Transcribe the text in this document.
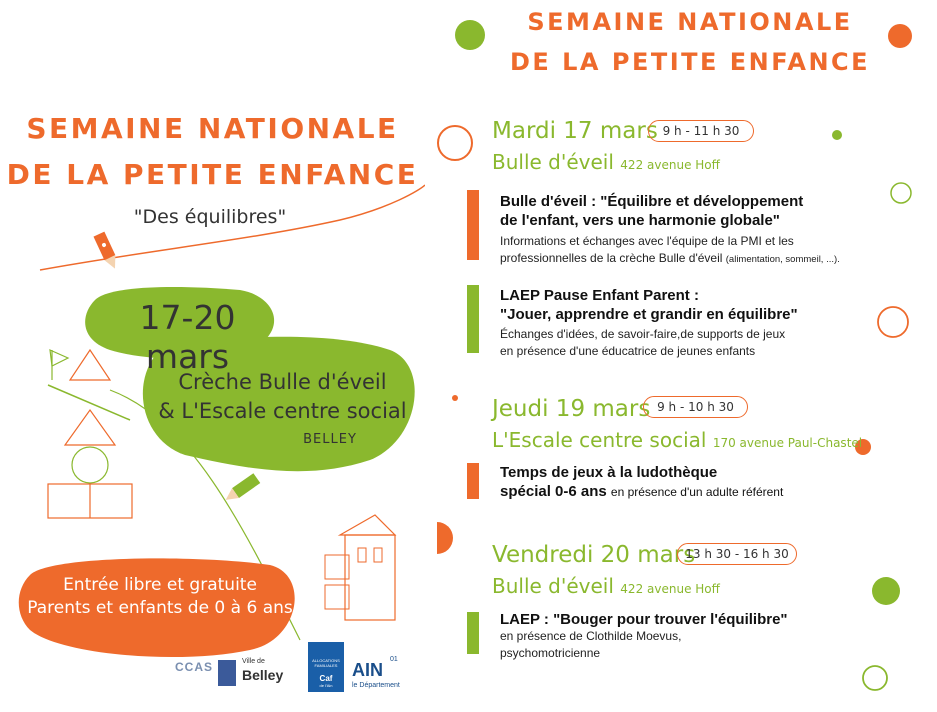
SEMAINE NATIONALE
DE LA PETITE ENFANCE
"Des équilibres"
17-20 mars
Crèche Bulle d'éveil
& L'Escale centre social
BELLEY
Entrée libre et gratuite
Parents et enfants de 0 à 6 ans
CCAS	Ville de
Belley
ALLOCATIONS FAMILIALES
Caf
de l'Ain
AIN
01
le Département
SEMAINE NATIONALE
DE LA PETITE ENFANCE
Mardi 17 mars 9 h - 11 h 30
Bulle d'éveil 422 avenue Hoff
Bulle d'éveil : "Équilibre et développement
de l'enfant, vers une harmonie globale"
Informations et échanges avec l'équipe de la PMI et les
professionnelles de la crèche Bulle d'éveil (alimentation, sommeil, ...).
LAEP Pause Enfant Parent :
"Jouer, apprendre et grandir en équilibre"
Échanges d'idées, de savoir-faire,de supports de jeux
en présence d'une éducatrice de jeunes enfants
Jeudi 19 mars 9 h - 10 h 30
L'Escale centre social 170 avenue Paul-Chastel
Temps de jeux à la ludothèque
spécial 0-6 ans en présence d'un adulte référent
Vendredi 20 mars
13 h 30 - 16 h 30
Bulle d'éveil 422 avenue Hoff
LAEP : "Bouger pour trouver l'équilibre"
en présence de Clothilde Moevus,
psychomotricienne
